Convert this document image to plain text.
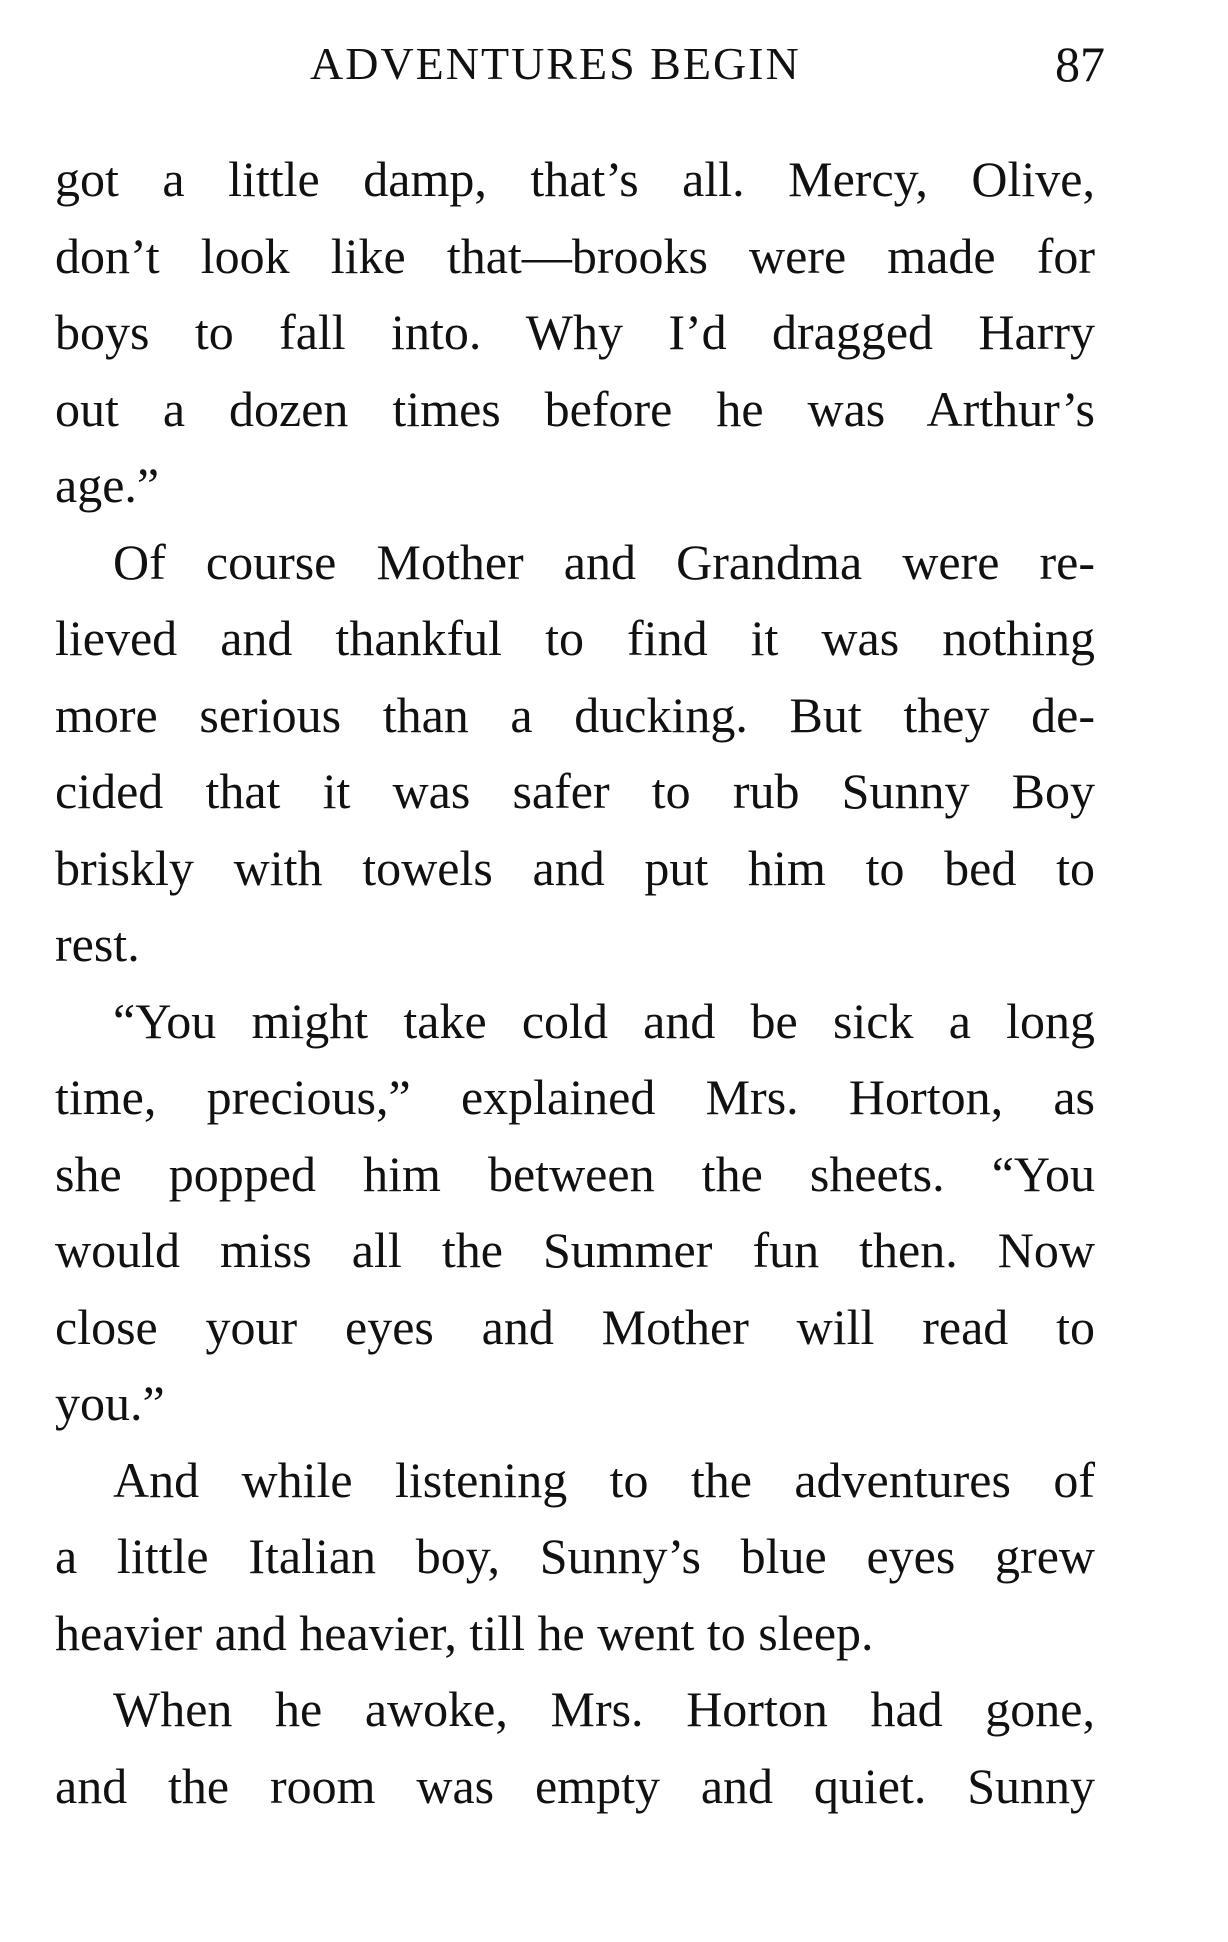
ADVENTURES BEGIN	87
got a little damp, that’s all. Mercy, Olive,
don’t look like that—brooks were made for
boys to fall into. Why I’d dragged Harry
out a dozen times before he was Arthur’s
age.”
Of course Mother and Grandma were re-
lieved and thankful to find it was nothing
more serious than a ducking. But they de-
cided that it was safer to rub Sunny Boy
briskly with towels and put him to bed to
rest.
“You might take cold and be sick a long
time, precious,” explained Mrs. Horton, as
she popped him between the sheets. “You
would miss all the Summer fun then. Now
close your eyes and Mother will read to
you.”
And while listening to the adventures of
a little Italian boy, Sunny’s blue eyes grew
heavier and heavier, till he went to sleep.
When he awoke, Mrs. Horton had gone,
and the room was empty and quiet. Sunny
